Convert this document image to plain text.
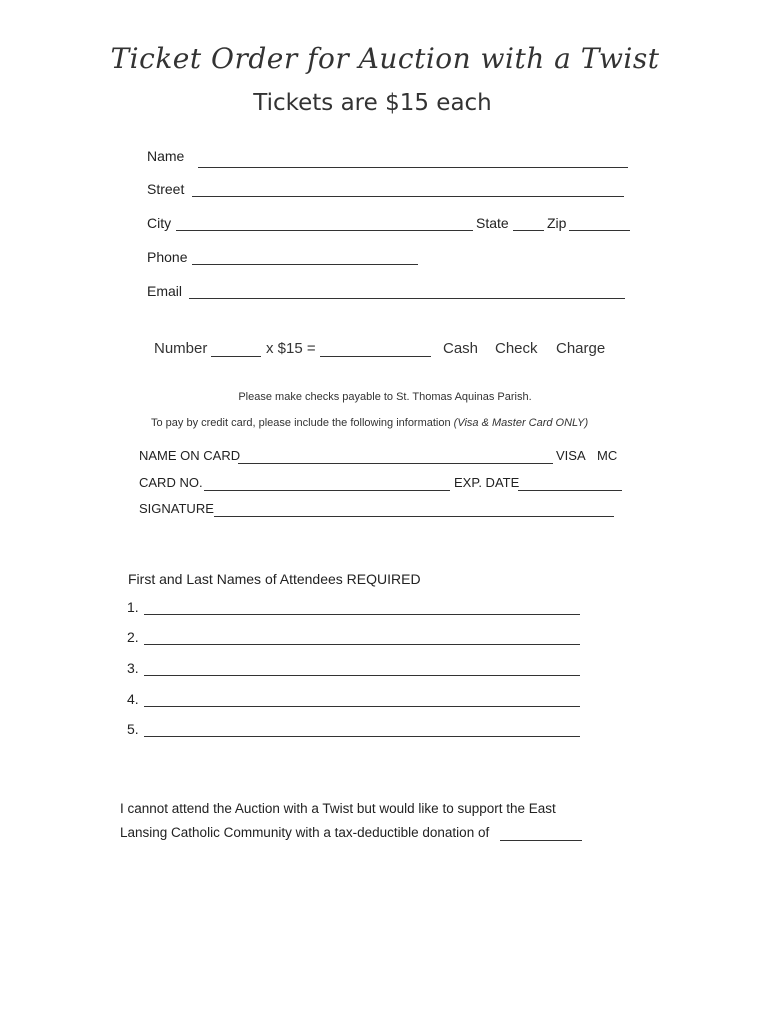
Ticket Order for Auction with a Twist
Tickets are $15 each
Name
Street
City	State	Zip
Phone
Email
Number	x $15 =	Cash Check Charge
Please make checks payable to St. Thomas Aquinas Parish.
To pay by credit card, please include the following information (Visa & Master Card ONLY)
NAME ON CARD	VISA MC
CARD NO.	EXP. DATE
SIGNATURE
First and Last Names of Attendees REQUIRED
1.
2.
3.
4.
5.
I cannot attend the Auction with a Twist but would like to support the East
Lansing Catholic Community with a tax-deductible donation of
